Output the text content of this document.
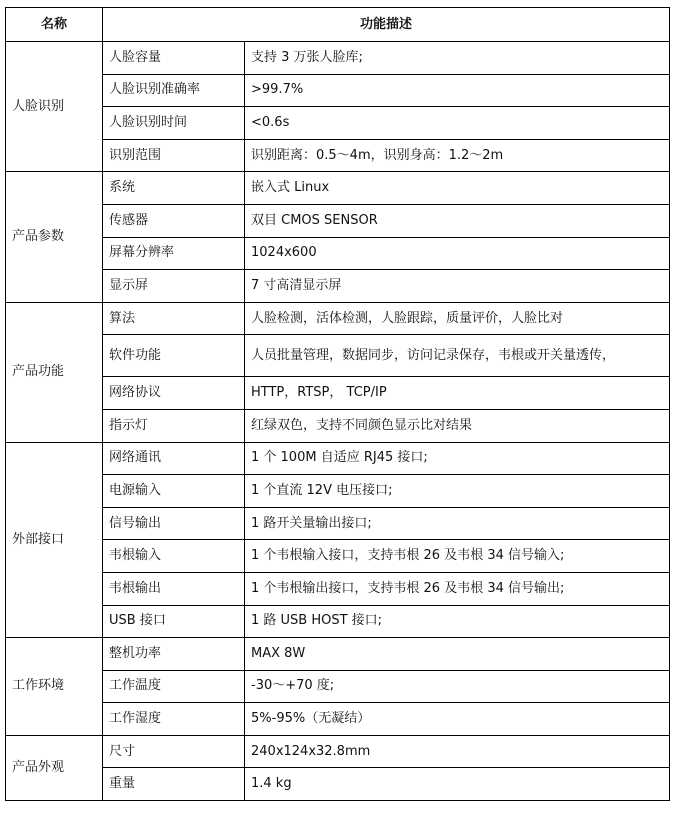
名称	功能描述	
人脸识别	人脸容量	支持 3 万张人脸库;
	人脸识别准确率	>99.7%
	人脸识别时间	<0.6s
	识别范围	识别距离：0.5～4m，识别身高：1.2～2m
产品参数	系统	嵌入式 Linux
	传感器	双目 CMOS SENSOR
	屏幕分辨率	1024x600
	显示屏	7 寸高清显示屏
产品功能	算法	人脸检测，活体检测，人脸跟踪，质量评价，人脸比对
	软件功能	人员批量管理，数据同步，访问记录保存，韦根或开关量透传，
	网络协议	HTTP，RTSP， TCP/IP
	指示灯	红绿双色，支持不同颜色显示比对结果
外部接口	网络通讯	1 个 100M 自适应 RJ45 接口;
	电源输入	1 个直流 12V 电压接口;
	信号输出	1 路开关量输出接口;
	韦根输入	1 个韦根输入接口，支持韦根 26 及韦根 34 信号输入;
	韦根输出	1 个韦根输出接口，支持韦根 26 及韦根 34 信号输出;
	USB 接口	1 路 USB HOST 接口;
工作环境	整机功率	MAX 8W
	工作温度	-30～+70 度;
	工作湿度	5%-95%（无凝结）
产品外观	尺寸	240x124x32.8mm
	重量	1.4 kg
